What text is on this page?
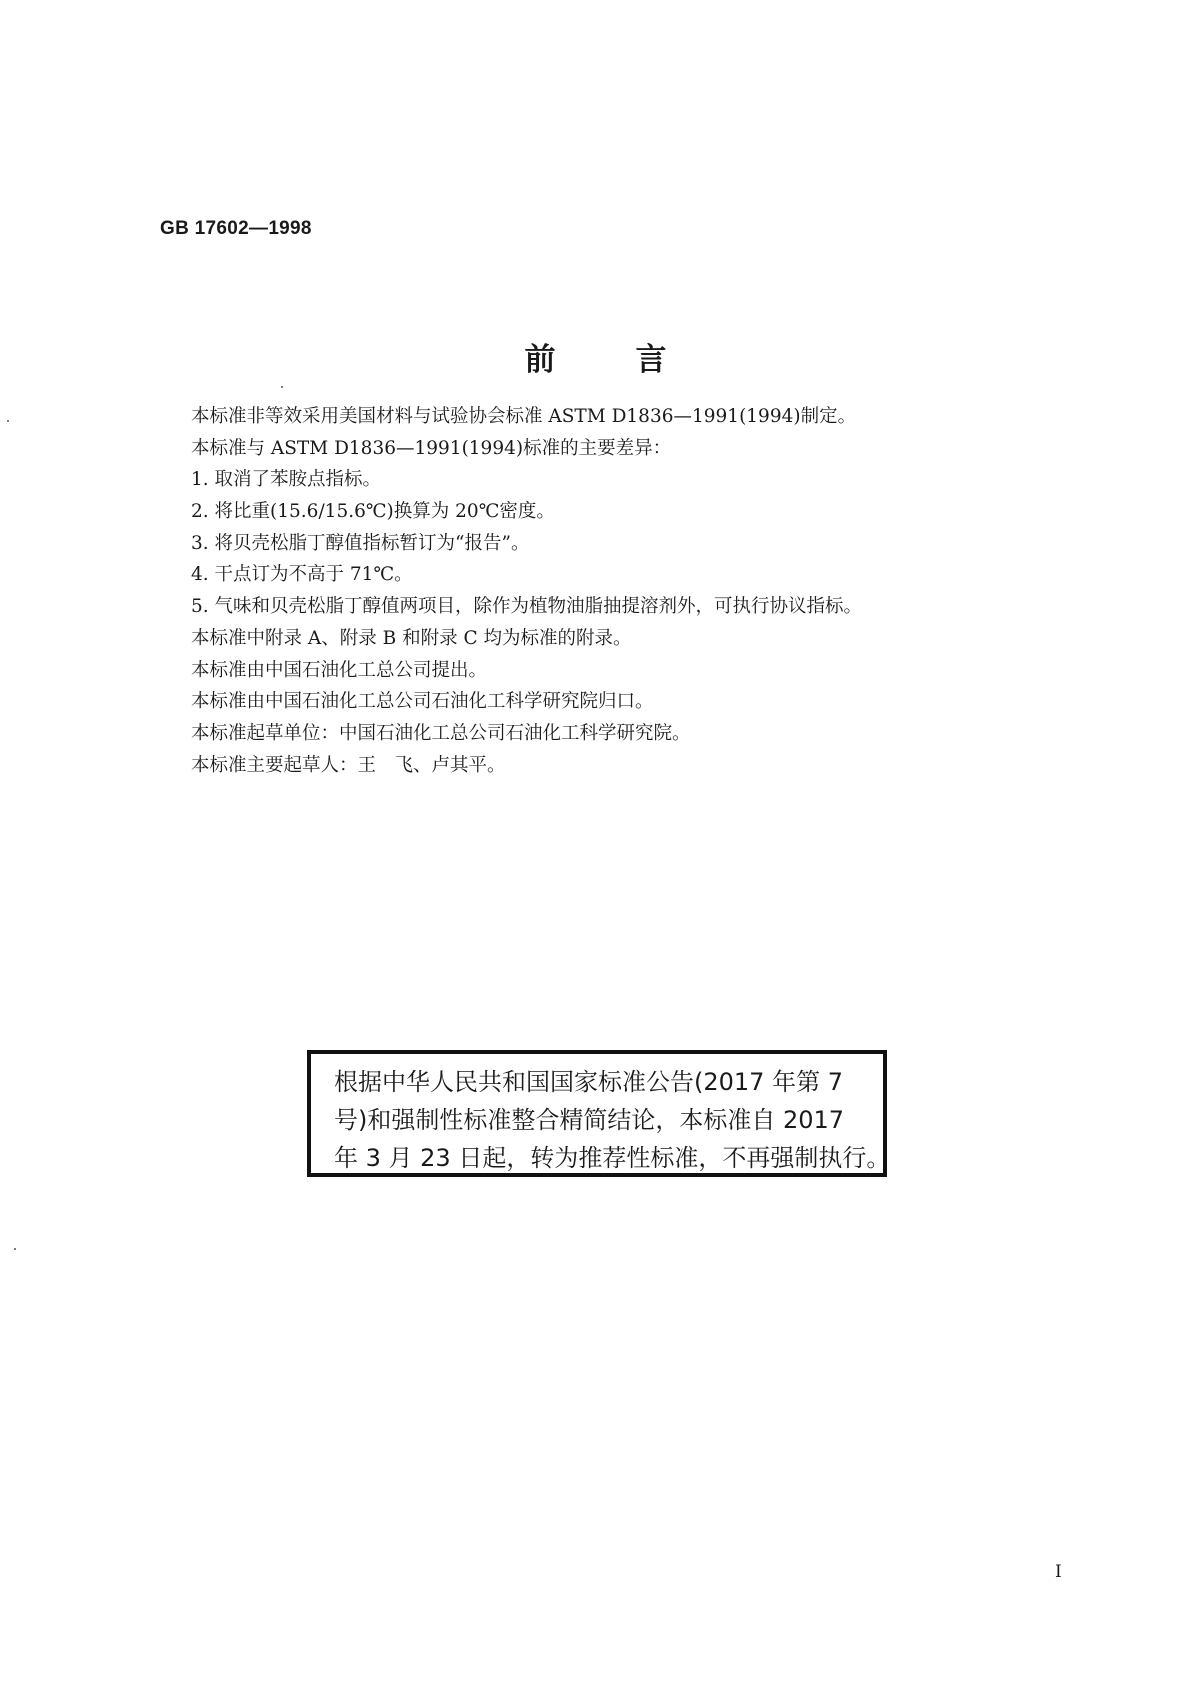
GB 17602—1998
前言
本标准非等效采用美国材料与试验协会标准 ASTM D1836—1991(1994)制定。
本标准与 ASTM D1836—1991(1994)标准的主要差异：
1. 取消了苯胺点指标。
2. 将比重(15.6/15.6℃)换算为 20℃密度。
3. 将贝壳松脂丁醇值指标暂订为“报告”。
4. 干点订为不高于 71℃。
5. 气味和贝壳松脂丁醇值两项目，除作为植物油脂抽提溶剂外，可执行协议指标。
本标准中附录 A、附录 B 和附录 C 均为标准的附录。
本标准由中国石油化工总公司提出。
本标准由中国石油化工总公司石油化工科学研究院归口。
本标准起草单位：中国石油化工总公司石油化工科学研究院。
本标准主要起草人：王　飞、卢其平。
根据中华人民共和国国家标准公告(2017 年第 7
号)和强制性标准整合精简结论，本标准自 2017
年 3 月 23 日起，转为推荐性标准，不再强制执行。
I
